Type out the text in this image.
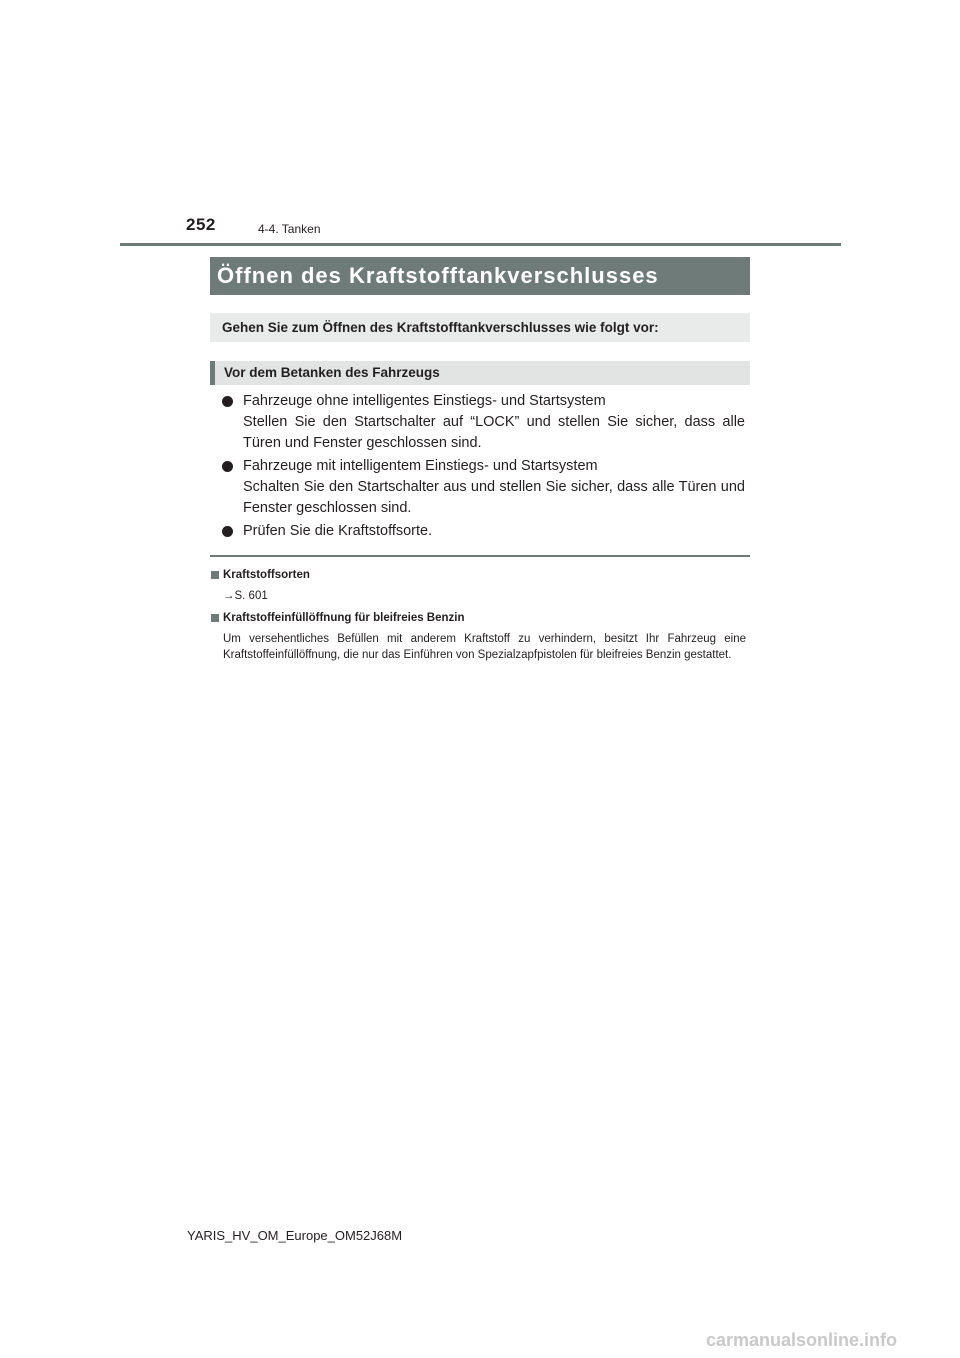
252	4-4. Tanken
Öffnen des Kraftstofftankverschlusses
Gehen Sie zum Öffnen des Kraftstofftankverschlusses wie folgt vor:
Vor dem Betanken des Fahrzeugs
Fahrzeuge ohne intelligentes Einstiegs- und Startsystem
Stellen Sie den Startschalter auf “LOCK” und stellen Sie sicher, dass alle Türen und Fenster geschlossen sind.
Fahrzeuge mit intelligentem Einstiegs- und Startsystem
Schalten Sie den Startschalter aus und stellen Sie sicher, dass alle Türen und Fenster geschlossen sind.
Prüfen Sie die Kraftstoffsorte.
Kraftstoffsorten
→S. 601
Kraftstoffeinfüllöffnung für bleifreies Benzin
Um versehentliches Befüllen mit anderem Kraftstoff zu verhindern, besitzt Ihr Fahrzeug eine Kraftstoffeinfüllöffnung, die nur das Einführen von Spezialzapfpistolen für bleifreies Benzin gestattet.
YARIS_HV_OM_Europe_OM52J68M
carmanualsonline.info
